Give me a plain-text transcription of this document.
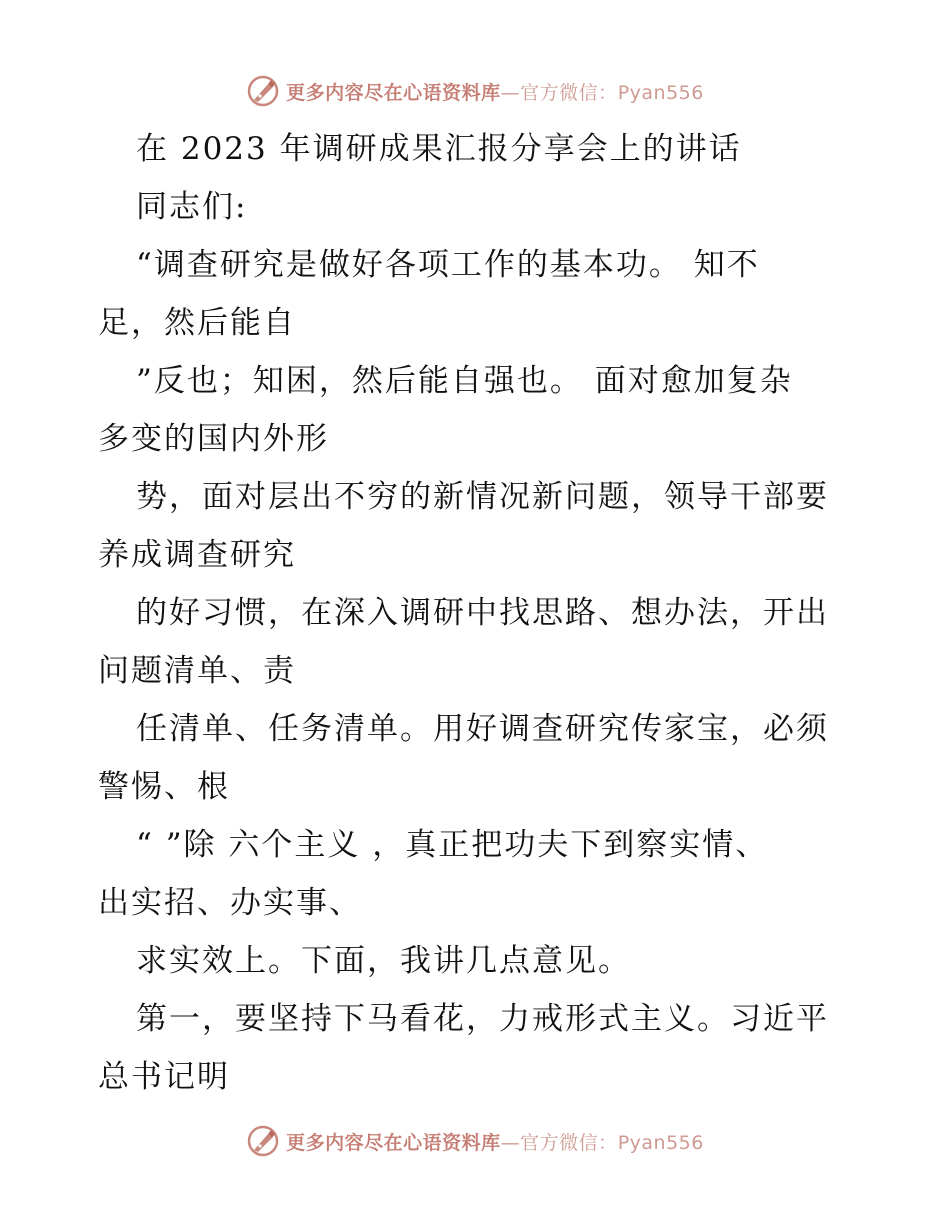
更多内容尽在心语资料库—官方微信：Pyan556
在 2023 年调研成果汇报分享会上的讲话
同志们:
“调查研究是做好各项工作的基本功。 知不
足，然后能自
”反也；知困，然后能自强也。 面对愈加复杂
多变的国内外形
势，面对层出不穷的新情况新问题，领导干部要
养成调查研究
的好习惯，在深入调研中找思路、想办法，开出
问题清单、责
任清单、任务清单。用好调查研究传家宝，必须
警惕、根
“ ”除 六个主义 ，真正把功夫下到察实情、
出实招、办实事、
求实效上。下面，我讲几点意见。
第一，要坚持下马看花，力戒形式主义。习近平
总书记明
更多内容尽在心语资料库—官方微信：Pyan556
